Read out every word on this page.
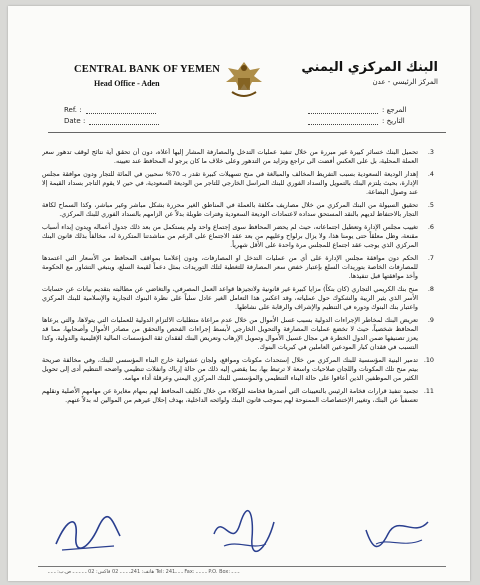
CENTRAL BANK OF YEMEN
Head Office - Aden
البنك المركزي اليمني
المركز الرئيسي - عدن
Ref. :
Date :
المرجع :
التاريخ :
3.
تحميل البنك خسائر كبيرة غير مبررة من خلال تنفيذ عمليات التدخل والمصارفة المشار إليها أعلاه، دون أن تحقق أية نتائج لوقف تدهور سعر العملة المحلية، بل على العكس أفضت الى تراجع وتزايد من التدهور وعلى خلاف ما كان يرجو له المحافظ عند تعيينه.
4.
إهدار الوديعة السعودية بسبب التفريط المخالف والمبالغة في منح تسهيلات كبيرة تقدر بـ 70% سحبين في المائة للتجار ودون موافقة مجلس الإدارة، بحيث يلتزم البنك بالتمويل والسداد الفوري للبنك المراسل الخارجي للتاجر من الوديعة السعودية، في حين لا يقوم التاجر بسداد القيمة إلا عند وصول البضاعة.
5.
تحقيق السيولة من البنك المركزي من خلال مصاريف مكلفة بالعملة في المناطق الغير محررة بشكل مباشر وغير مباشر، وكذا السماح لكافة التجار بالاحتفاظ لديهم بالنقد المستحق سداده لاعتمادات الوديعة السعودية وفترات طويلة بدلاً عن الزامهم بالسداد الفوري للبنك المركزي.
6.
تغييب مجلس الإدارة وتعطيل اجتماعاته، حيث لم يحضر المحافظ سوى إجتماع واحد ولم يستكمل من بعد ذلك جدول أعماله ويدون إبداء أسباب مقنعة، وظل معلقاً حتى يومنا هذا، ولا يزال برلواح وعليهم من بعد عقد الاجتماع على الرغم من مناشدتنا المتكررة له، مخالفاً بذلك قانون البنك المركزي الذي يوجب عقد اجتماع للمجلس مرة واحدة على الأقل شهرياً.
7.
الحكم دون موافقة مجلس الإدارة على أي من عمليات التدخل او المصارفات، ودون إعلامنا بمواقف المحافظ من الأسعار التي اعتمدها للمصارفات الخاصة بتوريدات السلع بإعتبار خفض سعر المصارفة للتغطية لتلك التوريدات بمثل دعماً لقيمة السلع، وينبغي التشاور مع الحكومة وأخذ موافقتها قبل تنفيذها.
8.
منح بنك الكريمي التجاري (كان بنكاً) مزايا كبيرة غير قانونية ولاتجيزها قواعد العمل المصرفي، والتغاضي عن مطالبته بتقديم بيانات عن حسابات الأسر الذي يثير الريبة والشكوك حول عملياته، وقد اعكس هذا التعامل الغير عادل سلباً على نظرة البنوك التجارية والإسلامية للبنك المركزي واعتبار بنك البنوك ودوره في التنظيم والإشراف والرقابة على نشاطها.
9.
تعريض البنك لمخاطر الإجراءات الدولية بسبب غسل الأموال من خلال عدم مراعاة متطلبات الالتزام الدولية للعمليات التي يتولاها، والتي يرعاها المحافظ شخصياً، حيث لا تخضع عمليات المصارفة والتحويل الخارجي لأبسط إجراءات الفحص والتحقق من مصادر الأموال وأصحابها، مما قد يعزز تصنيفها ضمن الدول الخطرة في مجال غسيل الأموال وتمويل الإرهاب وتعريض البنك لفقدان ثقة المؤسسات المالية الإقليمية والدولية، وكذا التسبب في فقدان كبار المودعين العاملين في كبريات البنوك.
10.
تدمير البنية المؤسسية للبنك المركزي من خلال إستحداث مكونات ومواقع، ولجان عشوائية خارج البناء المؤسسي للبنك، وفي مخالفة صريحة بيتم منح تلك المكونات واللجان صلاحيات واسعة لا ترتبط بها، بما يقضي إليه ذلك من حالة إرباك وانفلات تنظيمي واضحه التنظيم أدى إلى تحويل الكثير من الموظفين الذين أعاقوا على حالة البناء التنظيمي والمؤسسي للبنك المركزي اليمني وعرقلة أداء مهامه.
11.
تجميد تنفيذ قرارات فخامة الرئيس بالتعيينات التي أصدرها فخامته للوكلاء من خلال تكليف المحافظ لهم بمهام مغايرة عن مهامهم الأصلية ونقلهم تعسفياً عن البنك، وتغيير الإختصاصات الممنوحة لهم بموجب قانون البنك ولوائحه الداخلية، بهدف إحلال غيرهم من الموالين له بدلاً عنهم.
هاتف: 241ـ ـ ـ ـ 02 فاكس: 02 ـ ـ ـ ـ ـ ص.ب: ـ ـ ـ Tel: 241ـ ـ ـ Fax: ـ ـ ـ ـ P.O. Box: ـ ـ ـ
